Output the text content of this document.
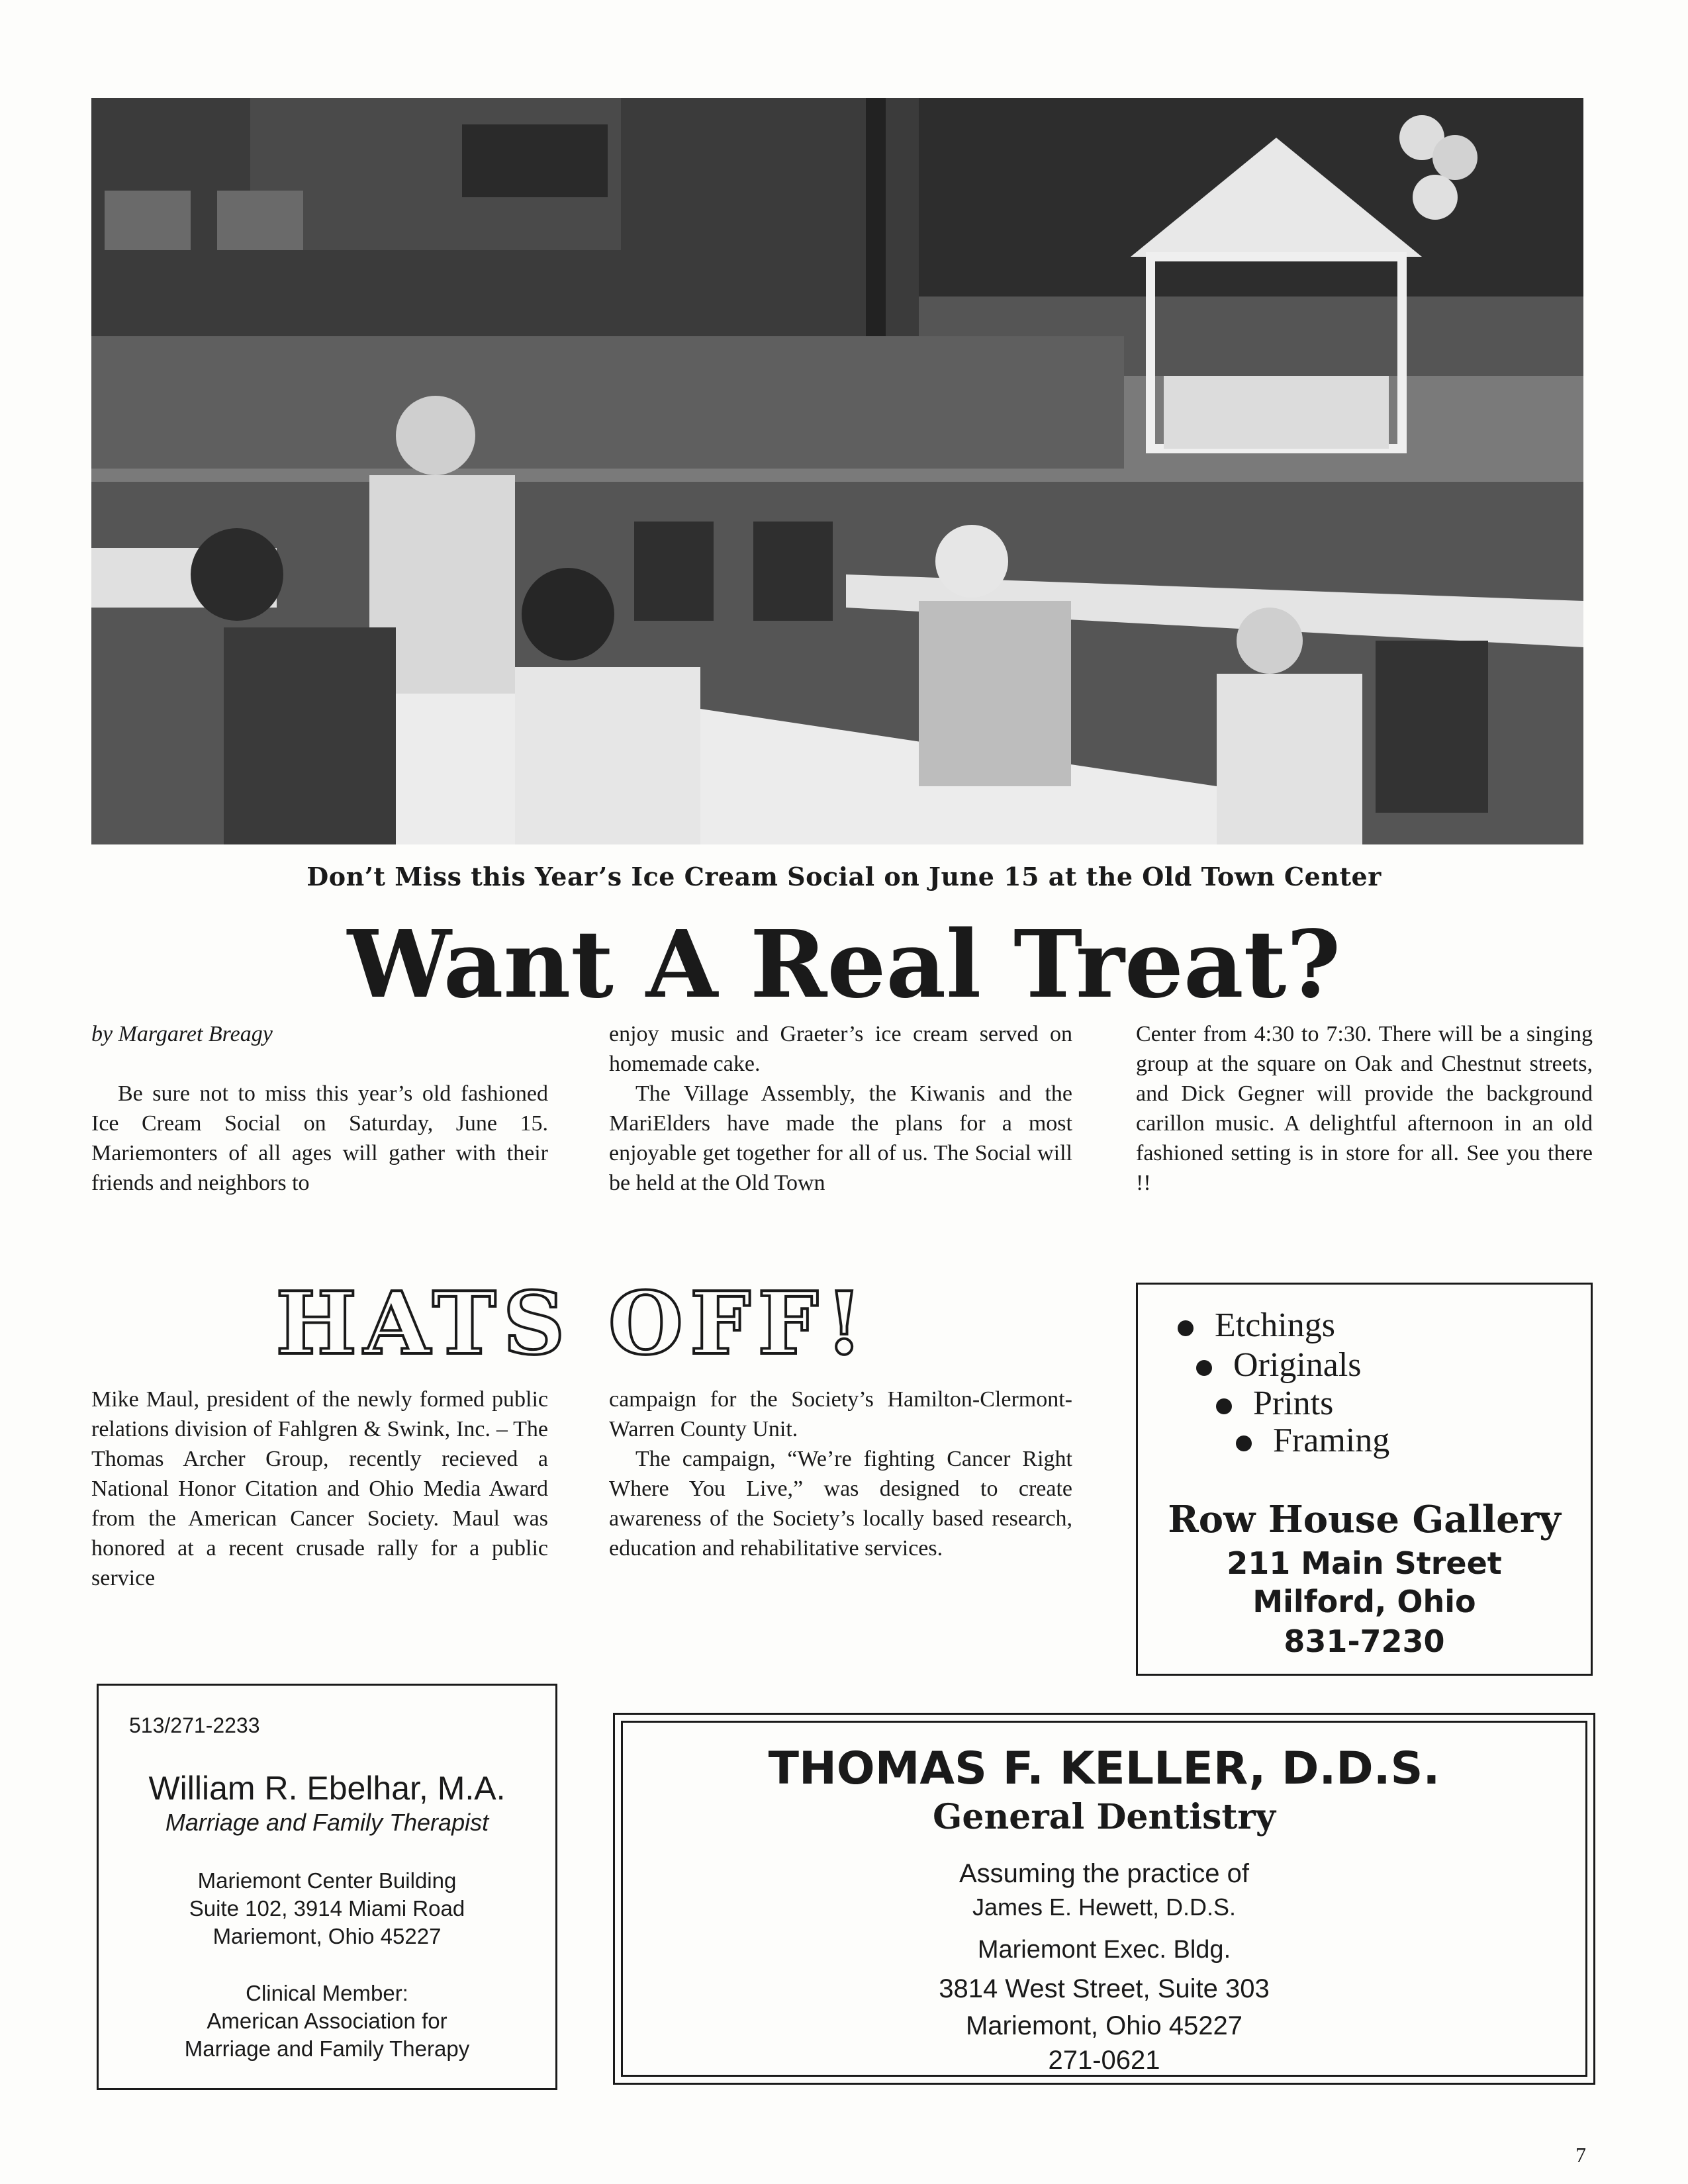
Don’t Miss this Year’s Ice Cream Social on June 15 at the Old Town Center
Want A Real Treat?

by Margaret Breagy

Be sure not to miss this year’s old fashioned Ice Cream Social on Saturday, June 15. Mariemonters of all ages will gather with their friends and neighbors to

enjoy music and Graeter’s ice cream served on homemade cake.

The Village Assembly, the Kiwanis and the MariElders have made the plans for a most enjoyable get together for all of us. The Social will be held at the Old Town

Center from 4:30 to 7:30. There will be a singing group at the square on Oak and Chestnut streets, and Dick Gegner will provide the background carillon music. A delightful afternoon in an old fashioned setting is in store for all. See you there !!

HATS OFF!

Mike Maul, president of the newly formed public relations division of Fahlgren & Swink, Inc. – The Thomas Archer Group, recently recieved a National Honor Citation and Ohio Media Award from the American Cancer Society. Maul was honored at a recent crusade rally for a public service

campaign for the Society’s Hamilton-Clermont-Warren County Unit.

The campaign, “We’re fighting Cancer Right Where You Live,” was designed to create awareness of the Society’s locally based research, education and rehabilitative services.

Etchings
Originals
Prints
Framing
Row House Gallery
211 Main Street
Milford, Ohio
831-7230
513/271-2233
William R. Ebelhar, M.A.
Marriage and Family Therapist
Mariemont Center Building
Suite 102, 3914 Miami Road
Mariemont, Ohio 45227
Clinical Member:
American Association for
Marriage and Family Therapy
THOMAS F. KELLER, D.D.S.
General Dentistry
Assuming the practice of
James E. Hewett, D.D.S.
Mariemont Exec. Bldg.
3814 West Street, Suite 303
Mariemont, Ohio 45227
271-0621
7
